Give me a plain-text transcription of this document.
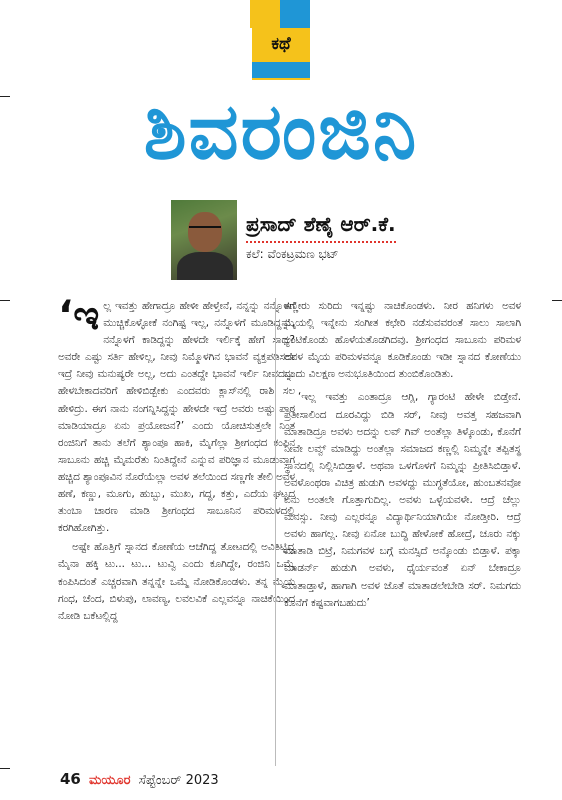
ಕಥೆ
ಶಿವರಂಜಿನಿ
ಪ್ರಸಾದ್ ಶೆಣೈ ಆರ್.ಕೆ.
ಕಲೆ: ವೆಂಕಟ್ರಮಣ ಭಟ್

‘ಇಲ್ಲ ಇವತ್ತು ಹೇಗಾದ್ರೂ ಹೇಳೀ ಹೇಳ್ತೇನೆ, ನನ್ನನ್ನು ನನ್ನೊಳಗೆ ಮುಚ್ಚಿಕೊಳ್ಳೋಕೆ ನಂಗಿಷ್ಟ ಇಲ್ಲ, ನನ್ನೊಳಗೆ ಮೂಡಿದ್ದನ್ನು, ನನ್ನೊಳಗೆ ಕಾಡಿದ್ದನ್ನು ಹೇಳದೇ ಇರ್ಲಿಕ್ಕೆ ಹೇಗೆ ಸಾಧ್ಯ? ಅವರೇ ಎಷ್ಟು ಸರ್ತಿ ಹೇಳಿಲ್ಲ, ನೀವು ನಿಮ್ಮೊಳಗಿನ ಭಾವನೆ ವ್ಯಕ್ತಪಡಿಸದೇ ಇದ್ರೆ ನೀವು ಮನುಷ್ಯರೇ ಅಲ್ಲ, ಅದು ಎಂತದ್ದೇ ಭಾವನೆ ಇರ್ಲಿ ನೀವದನ್ನು ಹೇಳಬೇಕಾದವರಿಗೆ ಹೇಳಿಬಿಡ್ಬೇಕು ಎಂದವರು ಕ್ಲಾಸ್‌ನಲ್ಲಿ ರಾಶಿ ಸಲ ಹೇಳಿದ್ರು. ಈಗ ನಾನು ನಂಗನ್ನಿಸಿದ್ದನ್ನು ಹೇಳದೇ ಇದ್ರೆ ಅವರು ಅಷ್ಟು ಪಾಠ ಮಾಡಿಯಾದ್ರೂ ಏನು ಪ್ರಯೋಜನ?’ ಎಂದು ಯೋಚಿಸುತ್ತಲೇ ನಿಂತ ರಂಜಿನಿಗೆ ತಾನು ತಲೆಗೆ ಶ್ಯಾಂಪೂ ಹಾಕಿ, ಮೈಗೆಲ್ಲಾ ಶ್ರೀಗಂಧದ ಕಂಪಿನ ಸಾಬೂನು ಹಚ್ಚಿ ಮೈಮರೆತು ನಿಂತಿದ್ದೇನೆ ಎನ್ನುವ ಪರಿಜ್ಞಾನ ಮೂಡುವಾಗ ಹಚ್ಚಿದ ಶ್ಯಾಂಪೂವಿನ ನೊರೆಯೆಲ್ಲಾ ಅವಳ ತಲೆಯಿಂದ ಸಣ್ಣಗೇ ತೇಲಿ ಅವಳ ಹಣೆ, ಕಣ್ಣು, ಮೂಗು, ಹುಬ್ಬು, ಮುಖ, ಗದ್ದ, ಕತ್ತು, ಎದೆಯ ಘಟ್ಟದ ತುಂಬಾ ಚಾರಣ ಮಾಡಿ ಶ್ರೀಗಂಧದ ಸಾಬೂನಿನ ಪರಿಮಳದಲ್ಲಿ ಕರಗಿಹೋಗಿತ್ತು.

ಅಷ್ಟೇ ಹೊತ್ತಿಗೆ ಸ್ನಾನದ ಕೋಣೆಯ ಆಚೆಗಿದ್ದ ತೋಟದಲ್ಲಿ ಅವಿತಿಟ್ಟಿದ್ದ ಮೈನಾ ಹಕ್ಕಿ ಟು... ಟು... ಟುವ್ವಿ ಎಂದು ಕೂಗಿದ್ದೇ, ರಂಜಿನಿ ಒಮ್ಮೆ ಕಂಪಿಸಿದಂತೆ ಎಚ್ಚರವಾಗಿ ತನ್ನನ್ನೇ ಒಮ್ಮೆ ನೋಡಿಕೊಂಡಳು. ತನ್ನ ಮೈಯ ಗಂಧ, ಚೆಂದ, ಬಿಳುಪು, ಲಾವಣ್ಯ, ಲವಲವಿಕೆ ಎಲ್ಲವನ್ನೂ ನಾಚಿಕೆಯಿಂದ ನೋಡಿ ಬಕೆಟಲ್ಲಿದ್ದ

ತಣ್ಣೀರು ಸುರಿದು ಇನ್ನಷ್ಟು ನಾಚಿಕೊಂಡಳು. ನೀರ ಹನಿಗಳು ಅವಳ ಮೈಯಲ್ಲಿ ಇನ್ನೇನು ಸಂಗೀತ ಕಛೇರಿ ನಡೆಸುವವರಂತೆ ಸಾಲು ಸಾಲಾಗಿ ಅಂಟಿಕೊಂಡು ಹೊಳೆಯತೊಡಗಿದವು. ಶ್ರೀಗಂಧದ ಸಾಬೂನು ಪರಿಮಳ ಅವಳ ಮೈಯ ಪರಿಮಳವನ್ನೂ ಕೂಡಿಕೊಂಡು ಇಡೀ ಸ್ನಾನದ ಕೋಣೆಯು ಒಂದು ವಿಲಕ್ಷಣ ಅನುಭೂತಿಯಿಂದ ತುಂಬಿಕೊಂಡಿತು.

‘ಇಲ್ಲ ಇವತ್ತು ಎಂತಾದ್ರೂ ಆಗ್ಲಿ, ಗ್ಯಾರಂಟಿ ಹೇಳೇ ಬಿಡ್ತೇನೆ. ಪ್ರತೀಸಾಲಿಂದ ದೂರವಿದ್ದು ಬಿಡಿ ಸರ್, ನೀವು ಅವತ್ತ ಸಹಜವಾಗಿ ಮಾತಾಡಿದ್ರೂ ಅವಳು ಅದನ್ನು ಲವ್ ಗಿವ್ ಅಂತೆಲ್ಲಾ ತಿಳ್ಕೊಂಡು, ಕೊನೆಗೆ ನೀವೇ ಲವ್ವ್ ಮಾಡಿದ್ದು ಅಂತೆಲ್ಲಾ ಸಮಾಜದ ಕಣ್ಣಲ್ಲಿ ನಿಮ್ಮನ್ನೇ ತಪ್ಪಿತಸ್ಥ ಸ್ಥಾನದಲ್ಲಿ ನಿಲ್ಲಿಸಿಬಿಡ್ತಾಳೆ. ಅಥವಾ ಒಳಗೊಳಗೆ ನಿಮ್ಮನ್ನು ಪ್ರೀತಿಸಿಬಿಡ್ತಾಳೆ. ಅವಳೊಂಥರಾ ವಿಚಿತ್ರ ಹುಡುಗಿ ಅವಳದ್ದು ಮುಗ್ಧತೆಯೋ, ಹುಂಬತನವೋ ಏನು ಅಂತಲೇ ಗೊತ್ತಾಗುದಿಲ್ಲ. ಅವಳು ಒಳ್ಳೆಯವಳೇ. ಆದ್ರೆ ಚೆಲ್ಲು ಮನಸ್ಸು. ನೀವು ಎಲ್ಲರನ್ನೂ ವಿದ್ಯಾರ್ಥಿನಿಯಾಗಿಯೇ ನೋಡ್ತೀರಿ. ಆದ್ರೆ ಅವಳು ಹಾಗಲ್ಲ. ನೀವು ಏನೋ ಬುದ್ಧಿ ಹೇಳೋಕೆ ಹೋದ್ರೆ, ಚೂರು ನಕ್ಕು ಮಾತಾಡಿ ಬಿಟ್ರೆ, ನಿಮಗವಳ ಬಗ್ಗೆ ಮನಸ್ಸಿದೆ ಅನ್ಕೊಂಡು ಬಿಡ್ತಾಳೆ. ಪಕ್ಕಾ ಮಾಡರ್ನ್ ಹುಡುಗಿ ಅವಳು, ಧೈರ್ಯವಂತೆ ಏನ್ ಬೇಕಾದ್ರೂ ಮಾತಾಡ್ತಾಳೆ, ಹಾಗಾಗಿ ಅವಳ ಜೊತೆ ಮಾತಾಡಲೇಬೇಡಿ ಸರ್. ನಿಮಗದು ಕೊನೆಗೆ ಕಷ್ಟವಾಗಬಹುದು’

46 ಮಯೂರ ಸೆಪ್ಟೆಂಬರ್ 2023
